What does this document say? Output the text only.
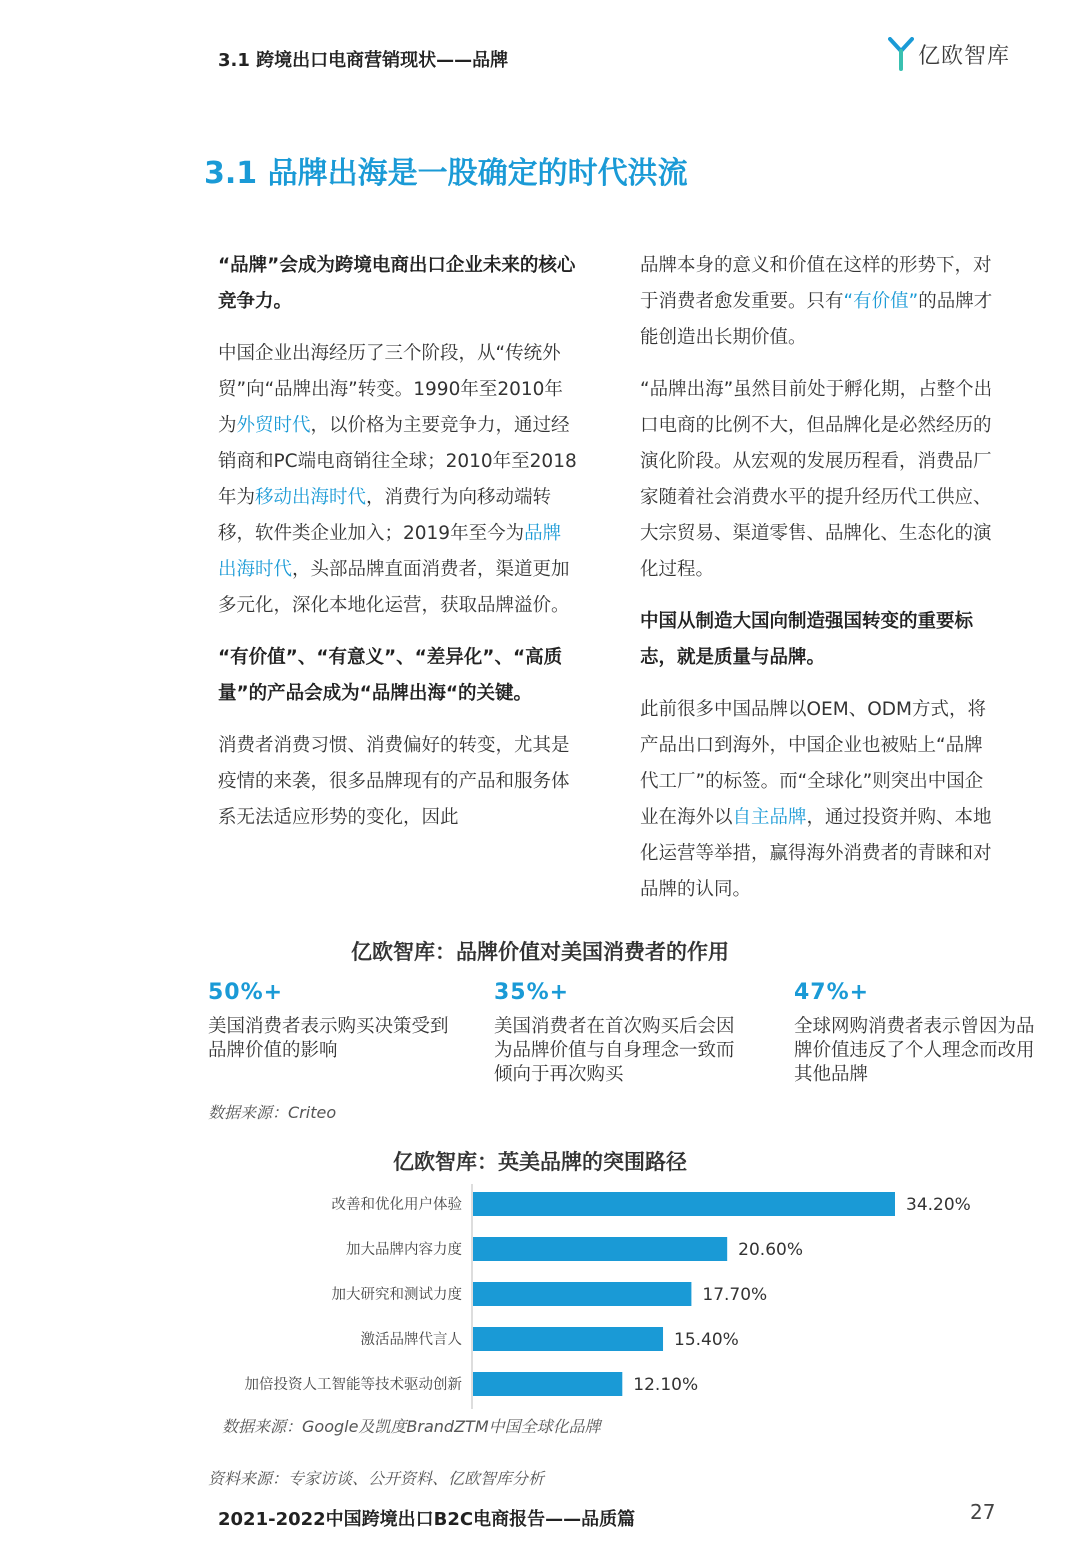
3.1 跨境出口电商营销现状——品牌	亿欧智库
3.1 品牌出海是一股确定的时代洪流

“品牌”会成为跨境电商出口企业未来的核心竞争力。

中国企业出海经历了三个阶段，从“传统外贸”向“品牌出海”转变。1990年至2010年为外贸时代，以价格为主要竞争力，通过经销商和PC端电商销往全球；2010年至2018年为移动出海时代，消费行为向移动端转移，软件类企业加入；2019年至今为品牌出海时代，头部品牌直面消费者，渠道更加多元化，深化本地化运营，获取品牌溢价。

“有价值”、“有意义”、“差异化”、“高质量”的产品会成为“品牌出海“的关键。

消费者消费习惯、消费偏好的转变，尤其是疫情的来袭，很多品牌现有的产品和服务体系无法适应形势的变化，因此

品牌本身的意义和价值在这样的形势下，对于消费者愈发重要。只有“有价值”的品牌才能创造出长期价值。

“品牌出海”虽然目前处于孵化期，占整个出口电商的比例不大，但品牌化是必然经历的演化阶段。从宏观的发展历程看，消费品厂家随着社会消费水平的提升经历代工供应、大宗贸易、渠道零售、品牌化、生态化的演化过程。

中国从制造大国向制造强国转变的重要标志，就是质量与品牌。

此前很多中国品牌以OEM、ODM方式，将产品出口到海外，中国企业也被贴上“品牌代工厂”的标签。而“全球化”则突出中国企业在海外以自主品牌，通过投资并购、本地化运营等举措，赢得海外消费者的青睐和对品牌的认同。

亿欧智库：品牌价值对美国消费者的作用
50%+
美国消费者表示购买决策受到品牌价值的影响
35%+
美国消费者在首次购买后会因为品牌价值与自身理念一致而倾向于再次购买
47%+
全球网购消费者表示曾因为品牌价值违反了个人理念而改用其他品牌
数据来源：Criteo
亿欧智库：英美品牌的突围路径
改善和优化用户体验	34.20%
加大品牌内容力度	20.60%
加大研究和测试力度	17.70%
激活品牌代言人	15.40%
加倍投资人工智能等技术驱动创新	12.10%
数据来源：Google及凯度BrandZTM中国全球化品牌
资料来源：专家访谈、公开资料、亿欧智库分析
2021-2022中国跨境出口B2C电商报告——品质篇	27
